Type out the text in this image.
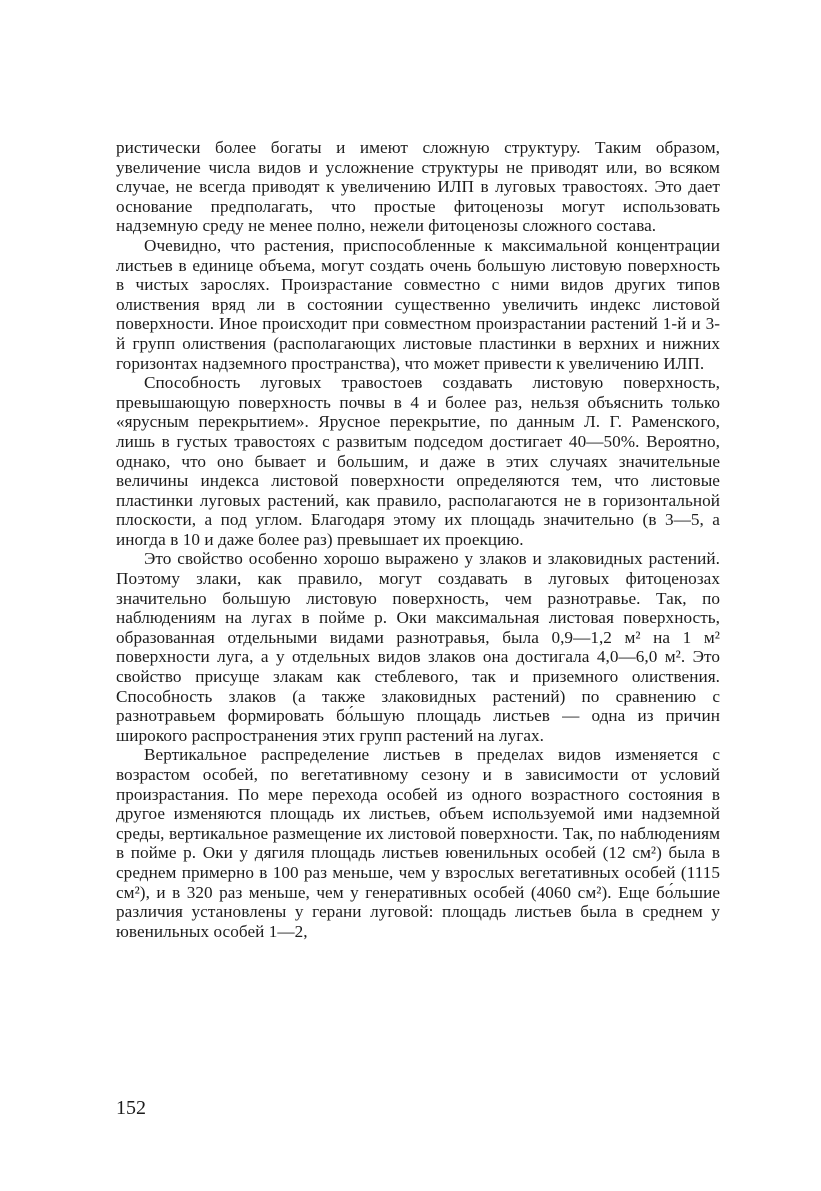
ристически более богаты и имеют сложную структуру. Таким образом, увеличение числа видов и усложнение структуры не приводят или, во всяком случае, не всегда приводят к увеличению ИЛП в луговых травостоях. Это дает основание предполагать, что простые фитоценозы могут использовать надземную среду не менее полно, нежели фитоценозы сложного состава.

Очевидно, что растения, приспособленные к максимальной концентрации листьев в единице объема, могут создать очень большую листовую поверхность в чистых зарослях. Произрастание совместно с ними видов других типов олиствения вряд ли в состоянии существенно увеличить индекс листовой поверхности. Иное происходит при совместном произрастании растений 1-й и 3-й групп олиствения (располагающих листовые пластинки в верхних и нижних горизонтах надземного пространства), что может привести к увеличению ИЛП.

Способность луговых травостоев создавать листовую поверхность, превышающую поверхность почвы в 4 и более раз, нельзя объяснить только «ярусным перекрытием». Ярусное перекрытие, по данным Л. Г. Раменского, лишь в густых травостоях с развитым подседом достигает 40—50%. Вероятно, однако, что оно бывает и большим, и даже в этих случаях значительные величины индекса листовой поверхности определяются тем, что листовые пластинки луговых растений, как правило, располагаются не в горизонтальной плоскости, а под углом. Благодаря этому их площадь значительно (в 3—5, а иногда в 10 и даже более раз) превышает их проекцию.

Это свойство особенно хорошо выражено у злаков и злаковидных растений. Поэтому злаки, как правило, могут создавать в луговых фитоценозах значительно большую листовую поверхность, чем разнотравье. Так, по наблюдениям на лугах в пойме р. Оки максимальная листовая поверхность, образованная отдельными видами разнотравья, была 0,9—1,2 м² на 1 м² поверхности луга, а у отдельных видов злаков она достигала 4,0—6,0 м². Это свойство присуще злакам как стеблевого, так и приземного олиствения. Способность злаков (а также злаковидных растений) по сравнению с разнотравьем формировать бо́льшую площадь листьев — одна из причин широкого распространения этих групп растений на лугах.

Вертикальное распределение листьев в пределах видов изменяется с возрастом особей, по вегетативному сезону и в зависимости от условий произрастания. По мере перехода особей из одного возрастного состояния в другое изменяются площадь их листьев, объем используемой ими надземной среды, вертикальное размещение их листовой поверхности. Так, по наблюдениям в пойме р. Оки у дягиля площадь листьев ювенильных особей (12 см²) была в среднем примерно в 100 раз меньше, чем у взрослых вегетативных особей (1115 см²), и в 320 раз меньше, чем у генеративных особей (4060 см²). Еще бо́льшие различия установлены у герани луговой: площадь листьев была в среднем у ювенильных особей 1—2,

152
